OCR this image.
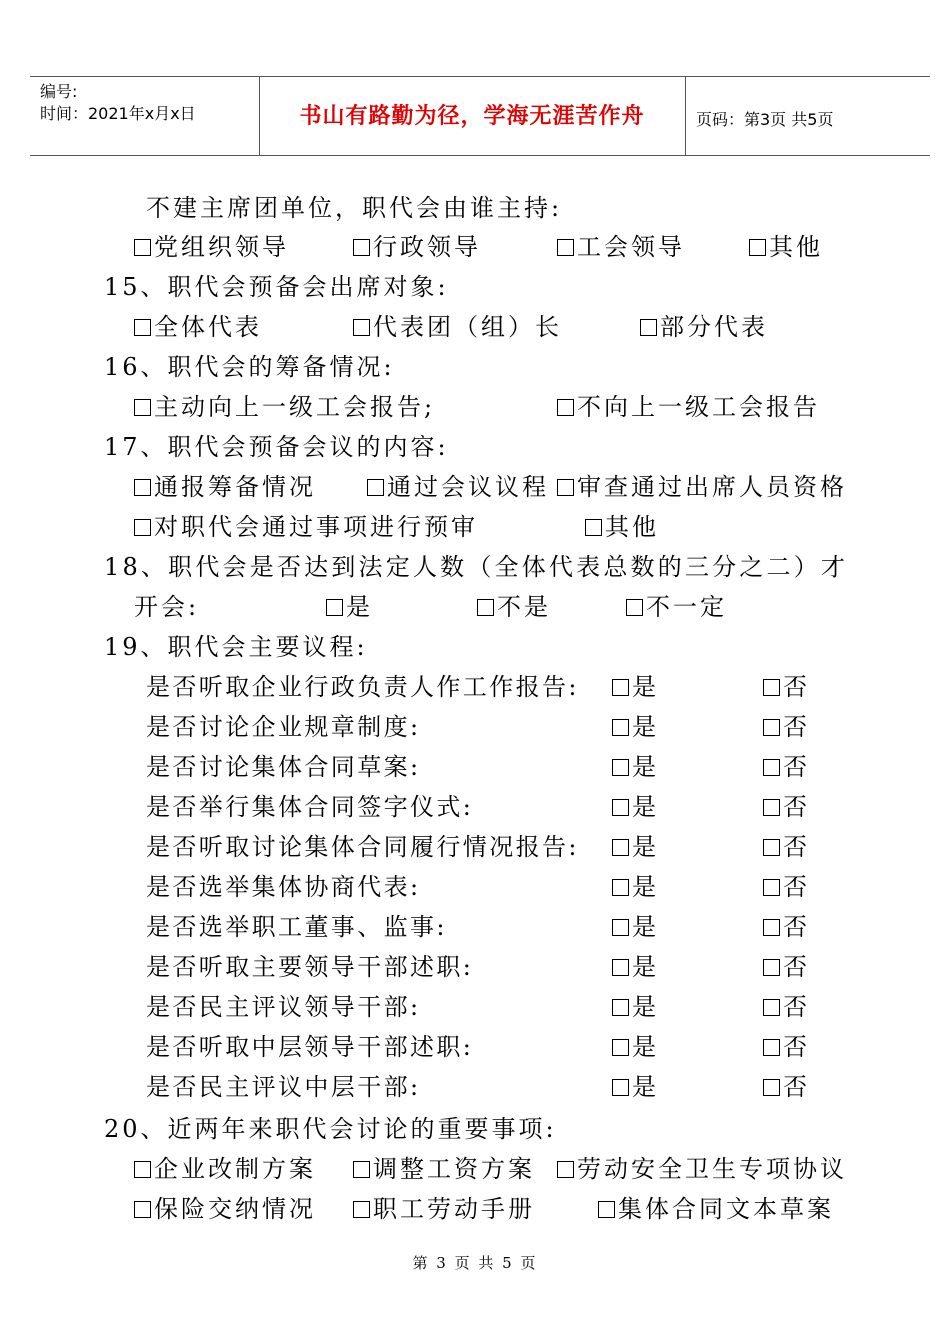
编号:
时间：2021年x月x日	书山有路勤为径，学海无涯苦作舟	页码：第3页 共5页
不建主席团单位，职代会由谁主持:
党组织领导	行政领导	工会领导	其他
15、职代会预备会出席对象:
全体代表	代表团（组）长	部分代表
16、职代会的筹备情况:
主动向上一级工会报告;	不向上一级工会报告
17、职代会预备会议的内容:
通报筹备情况	通过会议议程	审查通过出席人员资格
对职代会通过事项进行预审	其他
18、职代会是否达到法定人数（全体代表总数的三分之二）才
开会:	是	不是	不一定
19、职代会主要议程:
是否听取企业行政负责人作工作报告:	是	否
是否讨论企业规章制度:	是	否
是否讨论集体合同草案:	是	否
是否举行集体合同签字仪式:	是	否
是否听取讨论集体合同履行情况报告:	是	否
是否选举集体协商代表:	是	否
是否选举职工董事、监事:	是	否
是否听取主要领导干部述职:	是	否
是否民主评议领导干部:	是	否
是否听取中层领导干部述职:	是	否
是否民主评议中层干部:	是	否
20、近两年来职代会讨论的重要事项:
企业改制方案	调整工资方案	劳动安全卫生专项协议
保险交纳情况	职工劳动手册	集体合同文本草案
第 3 页 共 5 页
